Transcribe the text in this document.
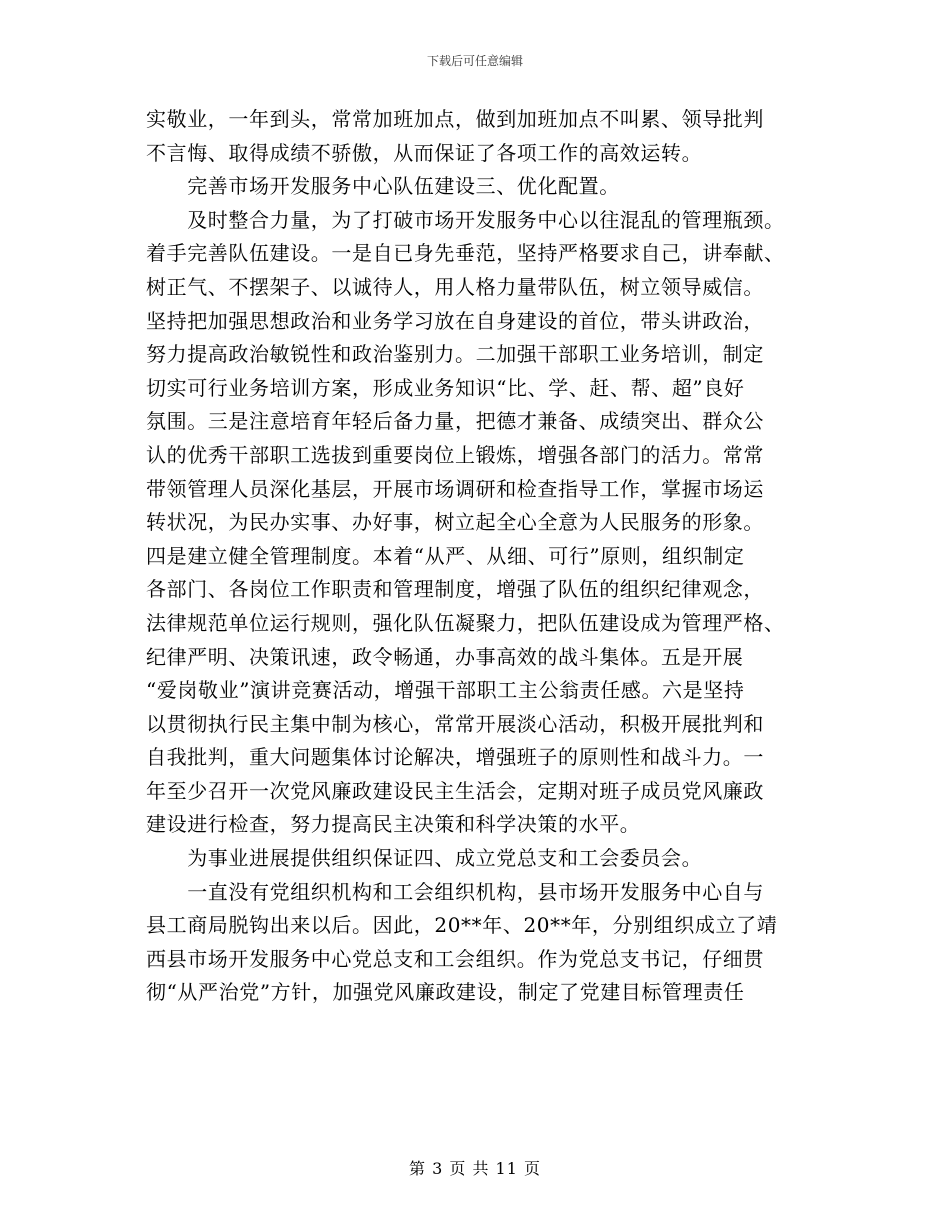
下载后可任意编辑
实敬业，一年到头，常常加班加点，做到加班加点不叫累、领导批判
不言悔、取得成绩不骄傲，从而保证了各项工作的高效运转。
　　完善市场开发服务中心队伍建设三、优化配置。
　　及时整合力量，为了打破市场开发服务中心以往混乱的管理瓶颈。
着手完善队伍建设。一是自已身先垂范，坚持严格要求自己，讲奉献、
树正气、不摆架子、以诚待人，用人格力量带队伍，树立领导威信。
坚持把加强思想政治和业务学习放在自身建设的首位，带头讲政治，
努力提高政治敏锐性和政治鉴别力。二加强干部职工业务培训，制定
切实可行业务培训方案，形成业务知识“比、学、赶、帮、超”良好
氛围。三是注意培育年轻后备力量，把德才兼备、成绩突出、群众公
认的优秀干部职工选拔到重要岗位上锻炼，增强各部门的活力。常常
带领管理人员深化基层，开展市场调研和检查指导工作，掌握市场运
转状况，为民办实事、办好事，树立起全心全意为人民服务的形象。
四是建立健全管理制度。本着“从严、从细、可行”原则，组织制定
各部门、各岗位工作职责和管理制度，增强了队伍的组织纪律观念，
法律规范单位运行规则，强化队伍凝聚力，把队伍建设成为管理严格、
纪律严明、决策讯速，政令畅通，办事高效的战斗集体。五是开展
“爱岗敬业”演讲竞赛活动，增强干部职工主公翁责任感。六是坚持
以贯彻执行民主集中制为核心，常常开展淡心活动，积极开展批判和
自我批判，重大问题集体讨论解决，增强班子的原则性和战斗力。一
年至少召开一次党风廉政建设民主生活会，定期对班子成员党风廉政
建设进行检查，努力提高民主决策和科学决策的水平。
　　为事业进展提供组织保证四、成立党总支和工会委员会。
　　一直没有党组织机构和工会组织机构，县市场开发服务中心自与
县工商局脱钩出来以后。因此，20**年、20**年，分别组织成立了靖
西县市场开发服务中心党总支和工会组织。作为党总支书记，仔细贯
彻“从严治党”方针，加强党风廉政建设，制定了党建目标管理责任
第 3 页 共 11 页
